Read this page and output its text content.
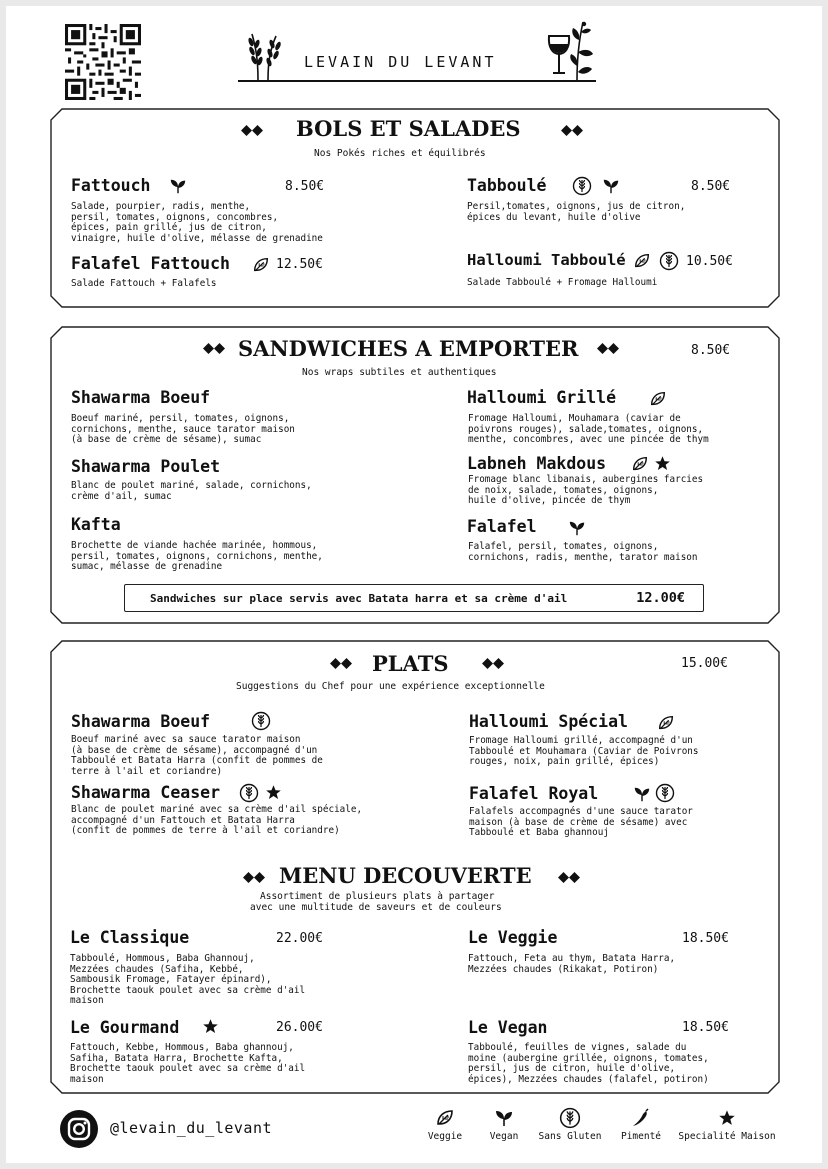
LEVAIN DU LEVANT
BOLS ET SALADES
Nos Pokés riches et équilibrés
Fattouch	8.50€
Salade, pourpier, radis, menthe,
persil, tomates, oignons, concombres,
épices, pain grillé, jus de citron,
vinaigre, huile d'olive, mélasse de grenadine
Tabboulé	8.50€
Persil,tomates, oignons, jus de citron,
épices du levant, huile d'olive
Falafel Fattouch	12.50€
Salade Fattouch + Falafels
Halloumi Tabboulé	10.50€
Salade Tabboulé + Fromage Halloumi
SANDWICHES A EMPORTER	8.50€
Nos wraps subtiles et authentiques
Shawarma Boeuf
Boeuf mariné, persil, tomates, oignons,
cornichons, menthe, sauce tarator maison
(à base de crème de sésame), sumac
Halloumi Grillé
Fromage Halloumi, Mouhamara (caviar de
poivrons rouges), salade,tomates, oignons,
menthe, concombres, avec une pincée de thym
Shawarma Poulet
Blanc de poulet mariné, salade, cornichons,
crème d'ail, sumac
Labneh Makdous
Fromage blanc libanais, aubergines farcies
de noix, salade, tomates, oignons,
huile d'olive, pincée de thym
Kafta
Brochette de viande hachée marinée, hommous,
persil, tomates, oignons, cornichons, menthe,
sumac, mélasse de grenadine
Falafel
Falafel, persil, tomates, oignons,
cornichons, radis, menthe, tarator maison
Sandwiches sur place servis avec Batata harra et sa crème d'ail	12.00€
PLATS	15.00€
Suggestions du Chef pour une expérience exceptionnelle
Shawarma Boeuf
Boeuf mariné avec sa sauce tarator maison
(à base de crème de sésame), accompagné d'un
Tabboulé et Batata Harra (confit de pommes de
terre à l'ail et coriandre)
Halloumi Spécial
Fromage Halloumi grillé, accompagné d'un
Tabboulé et Mouhamara (Caviar de Poivrons
rouges, noix, pain grillé, épices)
Shawarma Ceaser
Blanc de poulet mariné avec sa crème d'ail spéciale,
accompagné d'un Fattouch et Batata Harra
(confit de pommes de terre à l'ail et coriandre)
Falafel Royal
Falafels accompagnés d'une sauce tarator
maison (à base de crème de sésame) avec
Tabboulé et Baba ghannouj
MENU DECOUVERTE
Assortiment de plusieurs plats à partager
avec une multitude de saveurs et de couleurs
Le Classique	22.00€
Tabboulé, Hommous, Baba Ghannouj,
Mezzées chaudes (Safiha, Kebbé,
Sambousik Fromage, Fatayer épinard),
Brochette taouk poulet avec sa crème d'ail
maison
Le Veggie	18.50€
Fattouch, Feta au thym, Batata Harra,
Mezzées chaudes (Rikakat, Potiron)
Le Gourmand	26.00€
Fattouch, Kebbe, Hommous, Baba ghannouj,
Safiha, Batata Harra, Brochette Kafta,
Brochette taouk poulet avec sa crème d'ail
maison
Le Vegan	18.50€
Tabboulé, feuilles de vignes, salade du
moine (aubergine grillée, oignons, tomates,
persil, jus de citron, huile d'olive,
épices), Mezzées chaudes (falafel, potiron)
@levain_du_levant	Veggie	Vegan	Sans Gluten	Pimenté	Specialité Maison
